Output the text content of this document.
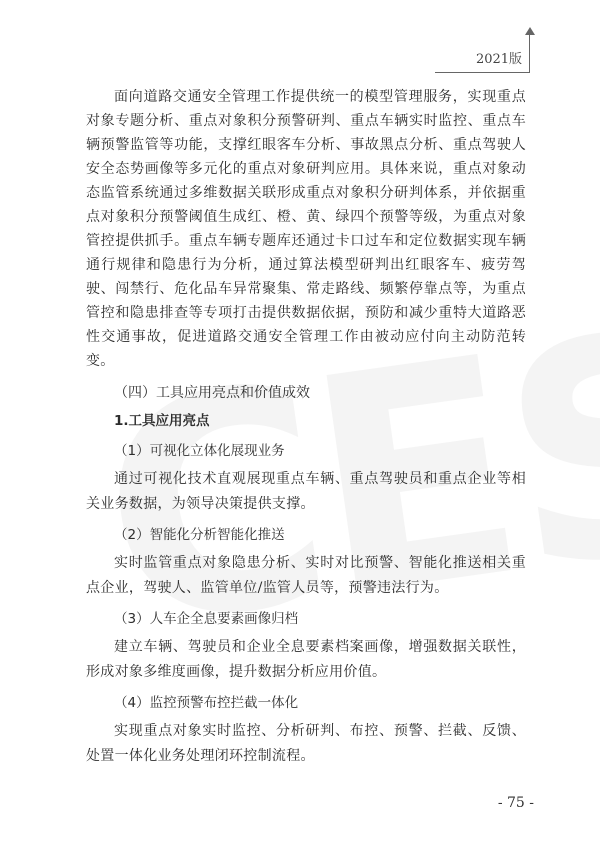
2021版

面向道路交通安全管理工作提供统一的模型管理服务，实现重点对象专题分析、重点对象积分预警研判、重点车辆实时监控、重点车辆预警监管等功能，支撑红眼客车分析、事故黑点分析、重点驾驶人安全态势画像等多元化的重点对象研判应用。具体来说，重点对象动态监管系统通过多维数据关联形成重点对象积分研判体系，并依据重点对象积分预警阈值生成红、橙、黄、绿四个预警等级，为重点对象管控提供抓手。重点车辆专题库还通过卡口过车和定位数据实现车辆通行规律和隐患行为分析，通过算法模型研判出红眼客车、疲劳驾驶、闯禁行、危化品车异常聚集、常走路线、频繁停靠点等，为重点管控和隐患排查等专项打击提供数据依据，预防和减少重特大道路恶性交通事故，促进道路交通安全管理工作由被动应付向主动防范转变。

（四）工具应用亮点和价值成效
1.工具应用亮点
（1）可视化立体化展现业务

通过可视化技术直观展现重点车辆、重点驾驶员和重点企业等相关业务数据，为领导决策提供支撑。

（2）智能化分析智能化推送

实时监管重点对象隐患分析、实时对比预警、智能化推送相关重点企业，驾驶人、监管单位/监管人员等，预警违法行为。

（3）人车企全息要素画像归档

建立车辆、驾驶员和企业全息要素档案画像，增强数据关联性，形成对象多维度画像，提升数据分析应用价值。

（4）监控预警布控拦截一体化

实现重点对象实时监控、分析研判、布控、预警、拦截、反馈、处置一体化业务处理闭环控制流程。

- 75 -
